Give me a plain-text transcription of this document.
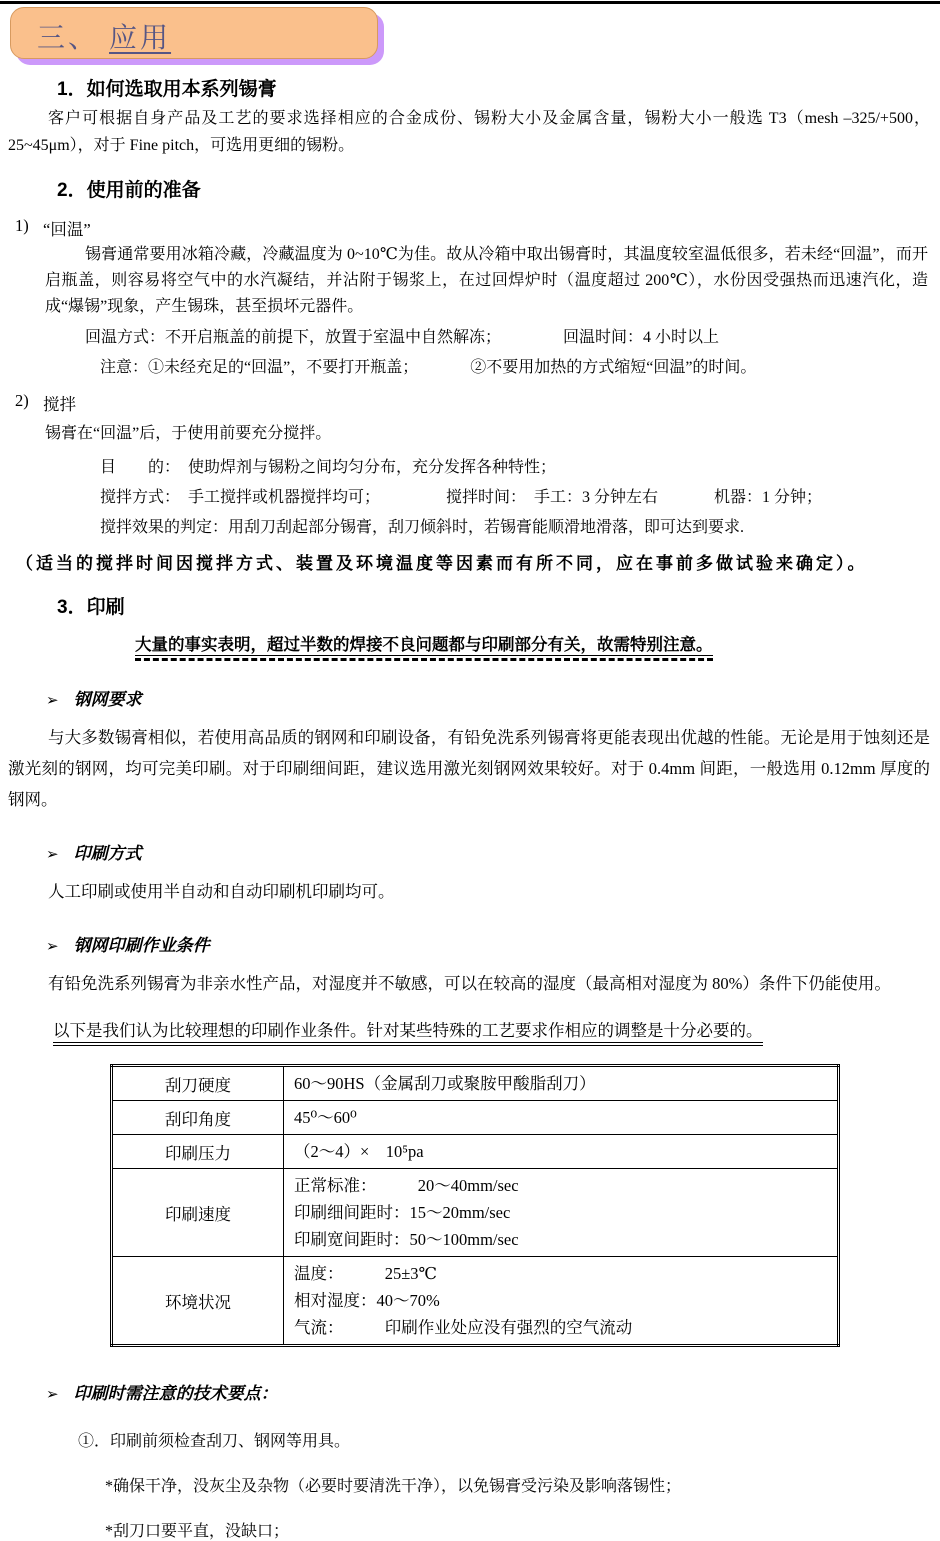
三、 应用
1．如何选取用本系列锡膏
客户可根据自身产品及工艺的要求选择相应的合金成份、锡粉大小及金属含量，锡粉大小一般选 T3（mesh –325/+500，25~45μm），对于 Fine pitch，可选用更细的锡粉。
2．使用前的准备
1) “回温”
锡膏通常要用冰箱冷藏，冷藏温度为 0~10℃为佳。故从冷箱中取出锡膏时，其温度较室温低很多，若未经“回温”，而开启瓶盖，则容易将空气中的水汽凝结，并沾附于锡浆上，在过回焊炉时（温度超过 200℃），水份因受强热而迅速汽化，造成“爆锡”现象，产生锡珠，甚至损坏元器件。
回温方式：不开启瓶盖的前提下，放置于室温中自然解冻；	回温时间：4 小时以上
注意：①未经充足的“回温”，不要打开瓶盖；	②不要用加热的方式缩短“回温”的时间。
2) 搅拌
锡膏在“回温”后，于使用前要充分搅拌。
目　　的：　使助焊剂与锡粉之间均匀分布，充分发挥各种特性；
搅拌方式：　手工搅拌或机器搅拌均可；	搅拌时间：　手工：3 分钟左右	机器：1 分钟；
搅拌效果的判定：用刮刀刮起部分锡膏，刮刀倾斜时，若锡膏能顺滑地滑落，即可达到要求.
（适当的搅拌时间因搅拌方式、装置及环境温度等因素而有所不同，应在事前多做试验来确定）。
3．印刷
大量的事实表明，超过半数的焊接不良问题都与印刷部分有关，故需特别注意。
➢ 钢网要求
与大多数锡膏相似，若使用高品质的钢网和印刷设备，有铅免洗系列锡膏将更能表现出优越的性能。无论是用于蚀刻还是激光刻的钢网，均可完美印刷。对于印刷细间距，建议选用激光刻钢网效果较好。对于 0.4mm 间距，一般选用 0.12mm 厚度的钢网。
➢ 印刷方式
人工印刷或使用半自动和自动印刷机印刷均可。
➢ 钢网印刷作业条件
有铅免洗系列锡膏为非亲水性产品，对湿度并不敏感，可以在较高的湿度（最高相对湿度为 80%）条件下仍能使用。
以下是我们认为比较理想的印刷作业条件。针对某些特殊的工艺要求作相应的调整是十分必要的。
刮刀硬度	60～90HS（金属刮刀或聚胺甲酸脂刮刀）

刮印角度	45⁰～60⁰

印刷压力	（2～4）×　10⁵pa

印刷速度	正常标准：　　　20～40mm/sec
印刷细间距时：15～20mm/sec
印刷宽间距时：50～100mm/sec

环境状况	温度：　　　25±3℃
相对湿度：40～70%
气流：　　　印刷作业处应没有强烈的空气流动
➢ 印刷时需注意的技术要点：
①．印刷前须检查刮刀、钢网等用具。
*确保干净，没灰尘及杂物（必要时要清洗干净），以免锡膏受污染及影响落锡性；
*刮刀口要平直，没缺口；
